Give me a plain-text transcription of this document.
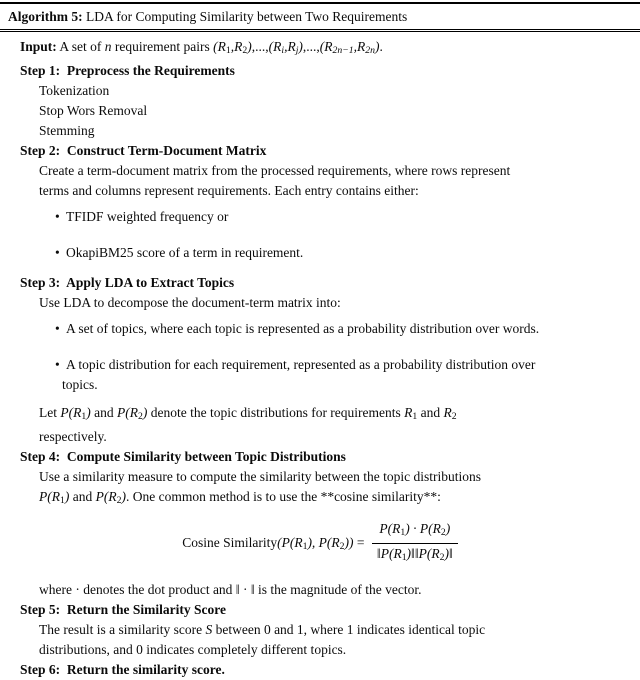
Algorithm 5: LDA for Computing Similarity between Two Requirements
Input: A set of n requirement pairs (R1,R2),...,(Ri,Rj),...,(R2n−1,R2n).
Step 1:  Preprocess the Requirements
Tokenization
Stop Wors Removal
Stemming
Step 2:  Construct Term-Document Matrix
Create a term-document matrix from the processed requirements, where rows represent
terms and columns represent requirements. Each entry contains either:
• TFIDF weighted frequency or
• OkapiBM25 score of a term in requirement.
Step 3:  Apply LDA to Extract Topics
Use LDA to decompose the document-term matrix into:
• A set of topics, where each topic is represented as a probability distribution over words.
• A topic distribution for each requirement, represented as a probability distribution over
topics.
Let P(R1) and P(R2) denote the topic distributions for requirements R1 and R2
respectively.
Step 4:  Compute Similarity between Topic Distributions
Use a similarity measure to compute the similarity between the topic distributions
P(R1) and P(R2). One common method is to use the **cosine similarity**:
Cosine Similarity(P(R1), $P(R2)) = \frac{P(R1) \cdot P(R2)}{‖P(R1)‖‖P(R2)‖}$
where · denotes the dot product and ‖ · ‖ is the magnitude of the vector.
Step 5:  Return the Similarity Score
The result is a similarity score S between 0 and 1, where 1 indicates identical topic
distributions, and 0 indicates completely different topics.
Step 6:  Return the similarity score.
